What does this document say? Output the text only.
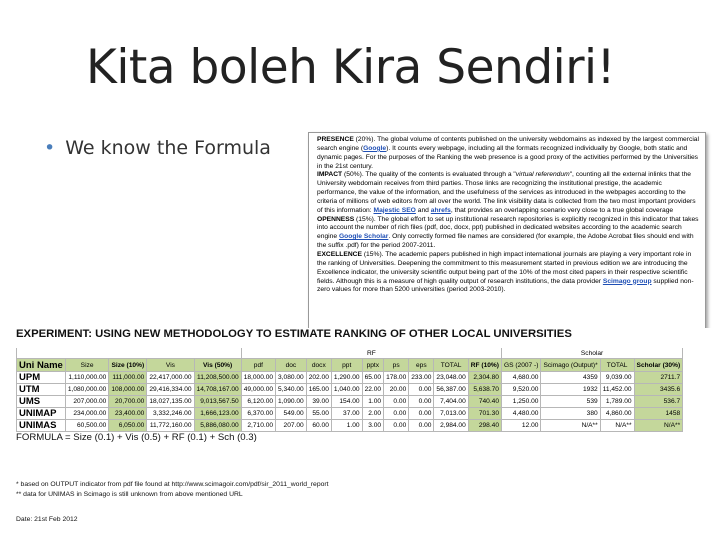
Kita boleh Kira Sendiri!
• We know the Formula	PRESENCE (20%). The global volume of contents published on the university webdomains as indexed by the largest commercial search engine (Google). It counts every webpage, including all the formats recognized individually by Google, both static and dynamic pages. For the purposes of the Ranking the web presence is a good proxy of the activities performed by the Universities in the 21st century.

IMPACT (50%). The quality of the contents is evaluated through a "virtual referendum", counting all the external inlinks that the University webdomain receives from third parties. Those links are recognizing the institutional prestige, the academic performance, the value of the information, and the usefulness of the services as introduced in the webpages according to the criteria of millions of web editors from all over the world. The link visibility data is collected from the two most important providers of this information: Majestic SEO and ahrefs, that provides an overlapping scenario very close to a true global coverage

OPENNESS (15%). The global effort to set up institutional research repositories is explicitly recognized in this indicator that takes into account the number of rich files (pdf, doc, docx, ppt) published in dedicated websites according to the academic search engine Google Scholar. Only correctly formed file names are considered (for example, the Adobe Acrobat files should end with the suffix .pdf) for the period 2007-2011.

EXCELLENCE (15%). The academic papers published in high impact international journals are playing a very important role in the ranking of Universities. Deepening the commitment to this measurement started in previous edition we are introducing the Excellence indicator, the university scientific output being part of the 10% of the most cited papers in their respective scientific fields. Although this is a measure of high quality output of research institutions, the data provider Scimago group supplied non-zero values for more than 5200 universities (period 2003-2010).

EXPERIMENT: USING NEW METHODOLOGY TO ESTIMATE RANKING OF OTHER LOCAL UNIVERSITIES
					RF									Scholar			
Uni Name	Size	Size (10%)	Vis	Vis (50%)	pdf	doc	docx	ppt	pptx	ps	eps	TOTAL	RF (10%)	GS (2007 -)	Scimago (Output)*	TOTAL	Scholar (30%)
UPM	1,110,000.00	111,000.00	22,417,000.00	11,208,500.00	18,000.00	3,080.00	202.00	1,290.00	65.00	178.00	233.00	23,048.00	2,304.80	4,680.00	4359	9,039.00	2711.7
UTM	1,080,000.00	108,000.00	29,416,334.00	14,708,167.00	49,000.00	5,340.00	165.00	1,040.00	22.00	20.00	0.00	56,387.00	5,638.70	9,520.00	1932	11,452.00	3435.6
UMS	207,000.00	20,700.00	18,027,135.00	9,013,567.50	6,120.00	1,090.00	39.00	154.00	1.00	0.00	0.00	7,404.00	740.40	1,250.00	539	1,789.00	536.7
UNIMAP	234,000.00	23,400.00	3,332,246.00	1,666,123.00	6,370.00	549.00	55.00	37.00	2.00	0.00	0.00	7,013.00	701.30	4,480.00	380	4,860.00	1458
UNIMAS	60,500.00	6,050.00	11,772,160.00	5,886,080.00	2,710.00	207.00	60.00	1.00	3.00	0.00	0.00	2,984.00	298.40	12.00	N/A**	N/A**	N/A**
FORMULA = Size (0.1) + Vis (0.5) + RF (0.1) + Sch (0.3)
* based on OUTPUT indicator from pdf file found at http://www.scimagoir.com/pdf/sir_2011_world_report
** data for UNIMAS in Scimago is still unknown from above mentioned URL
Date: 21st Feb 2012
